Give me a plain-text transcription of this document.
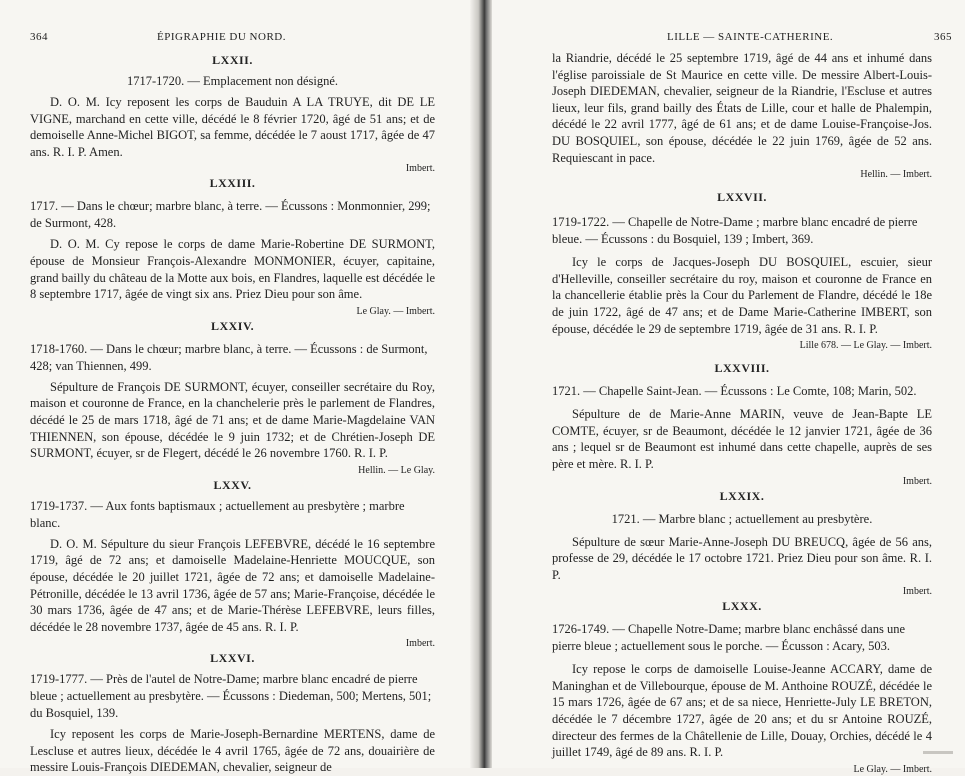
364	ÉPIGRAPHIE DU NORD.

LXXII.

1717-1720. — Emplacement non désigné.

D. O. M. Icy reposent les corps de Bauduin A LA TRUYE, dit DE LE VIGNE, marchand en cette ville, décédé le 8 février 1720, âgé de 51 ans; et de demoiselle Anne-Michel BIGOT, sa femme, décédée le 7 aoust 1717, âgée de 47 ans. R. I. P. Amen.

Imbert.

LXXIII.

1717. — Dans le chœur; marbre blanc, à terre. — Écussons : Monmonnier, 299; de Surmont, 428.

D. O. M. Cy repose le corps de dame Marie-Robertine DE SURMONT, épouse de Monsieur François-Alexandre MONMONIER, écuyer, capitaine, grand bailly du château de la Motte aux bois, en Flandres, laquelle est décédée le 8 septembre 1717, âgée de vingt six ans. Priez Dieu pour son âme.

Le Glay. — Imbert.

LXXIV.

1718-1760. — Dans le chœur; marbre blanc, à terre. — Écussons : de Surmont, 428; van Thiennen, 499.

Sépulture de François DE SURMONT, écuyer, conseiller secrétaire du Roy, maison et couronne de France, en la chanchelerie près le parlement de Flandres, décédé le 25 de mars 1718, âgé de 71 ans; et de dame Marie-Magdelaine VAN THIENNEN, son épouse, décédée le 9 juin 1732; et de Chrétien-Joseph DE SURMONT, écuyer, sr de Flegert, décédé le 26 novembre 1760. R. I. P.

Hellin. — Le Glay.

LXXV.

1719-1737. — Aux fonts baptismaux ; actuellement au presbytère ; marbre blanc.

D. O. M. Sépulture du sieur François LEFEBVRE, décédé le 16 septembre 1719, âgé de 72 ans; et damoiselle Madelaine-Henriette MOUCQUE, son épouse, décédée le 20 juillet 1721, âgée de 72 ans; et damoiselle Madelaine-Pétronille, décédée le 13 avril 1736, âgée de 57 ans; Marie-Françoise, décédée le 30 mars 1736, âgée de 47 ans; et de Marie-Thérèse LEFEBVRE, leurs filles, décédée le 28 novembre 1737, âgée de 45 ans. R. I. P.

Imbert.

LXXVI.

1719-1777. — Près de l'autel de Notre-Dame; marbre blanc encadré de pierre bleue ; actuellement au presbytère. — Écussons : Diedeman, 500; Mertens, 501; du Bosquiel, 139.

Icy reposent les corps de Marie-Joseph-Bernardine MERTENS, dame de Lescluse et autres lieux, décédée le 4 avril 1765, âgée de 72 ans, douairière de messire Louis-François DIEDEMAN, chevalier, seigneur de

LILLE — SAINTE-CATHERINE.	365

la Riandrie, décédé le 25 septembre 1719, âgé de 44 ans et inhumé dans l'église paroissiale de St Maurice en cette ville. De messire Albert-Louis-Joseph DIEDEMAN, chevalier, seigneur de la Riandrie, l'Escluse et autres lieux, leur fils, grand bailly des États de Lille, cour et halle de Phalempin, décédé le 22 avril 1777, âgé de 61 ans; et de dame Louise-Françoise-Jos. DU BOSQUIEL, son épouse, décédée le 22 juin 1769, âgée de 52 ans. Requiescant in pace.

Hellin. — Imbert.

LXXVII.

1719-1722. — Chapelle de Notre-Dame ; marbre blanc encadré de pierre bleue. — Écussons : du Bosquiel, 139 ; Imbert, 369.

Icy le corps de Jacques-Joseph DU BOSQUIEL, escuier, sieur d'Helleville, conseiller secrétaire du roy, maison et couronne de France en la chancellerie établie près la Cour du Parlement de Flandre, décédé le 18e de juin 1722, âgé de 47 ans; et de Dame Marie-Catherine IMBERT, son épouse, décédée le 29 de septembre 1719, âgée de 31 ans. R. I. P.

Lille 678. — Le Glay. — Imbert.

LXXVIII.

1721. — Chapelle Saint-Jean. — Écussons : Le Comte, 108; Marin, 502.

Sépulture de de Marie-Anne MARIN, veuve de Jean-Bapte LE COMTE, écuyer, sr de Beaumont, décédée le 12 janvier 1721, âgée de 36 ans ; lequel sr de Beaumont est inhumé dans cette chapelle, auprès de ses père et mère. R. I. P.

Imbert.

LXXIX.

1721. — Marbre blanc ; actuellement au presbytère.

Sépulture de sœur Marie-Anne-Joseph DU BREUCQ, âgée de 56 ans, professe de 29, décédée le 17 octobre 1721. Priez Dieu pour son âme. R. I. P.

Imbert.

LXXX.

1726-1749. — Chapelle Notre-Dame; marbre blanc enchâssé dans une pierre bleue ; actuellement sous le porche. — Écusson : Acary, 503.

Icy repose le corps de damoiselle Louise-Jeanne ACCARY, dame de Maninghan et de Villebourque, épouse de M. Anthoine ROUZÉ, décédée le 15 mars 1726, âgée de 67 ans; et de sa niece, Henriette-July LE BRETON, décédée le 7 décembre 1727, âgée de 20 ans; et du sr Antoine ROUZÉ, directeur des fermes de la Châtellenie de Lille, Douay, Orchies, décédé le 4 juillet 1749, âgé de 89 ans. R. I. P.

Le Glay. — Imbert.
